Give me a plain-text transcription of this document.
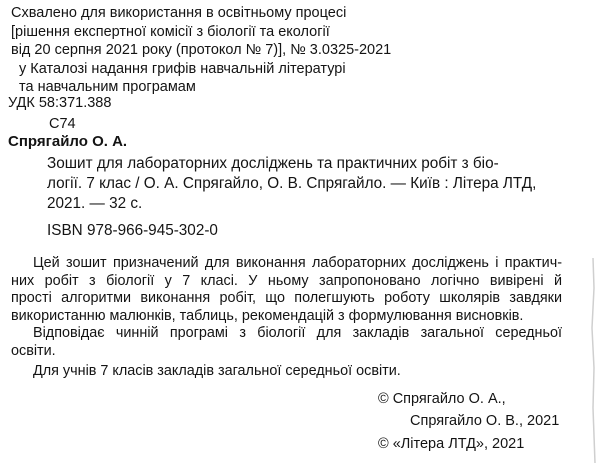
Схвалено для використання в освітньому процесі
[рішення експертної комісії з біології та екології
від 20 серпня 2021 року (протокол № 7)], № 3.0325-2021
у Каталозі надання грифів навчальній літературі
та навчальним програмам
УДК 58:371.388
С74
Спрягайло О. А.
Зошит для лабораторних досліджень та практичних робіт з біо-
логії. 7 клас / О. А. Спрягайло, О. В. Спрягайло. — Київ : Літера ЛТД,
2021. — 32 с.
ISBN 978-966-945-302-0
Цей зошит призначений для виконання лабораторних досліджень і практич-
них робіт з біології у 7 класі. У ньому запропоновано логічно вивірені й
прості алгоритми виконання робіт, що полегшують роботу школярів завдяки
використанню малюнків, таблиць, рекомендацій з формулювання висновків.
Відповідає чинній програмі з біології для закладів загальної середньої
освіти.
Для учнів 7 класів закладів загальної середньої освіти.
© Спрягайло О. А.,
Спрягайло О. В., 2021
© «Літера ЛТД», 2021
